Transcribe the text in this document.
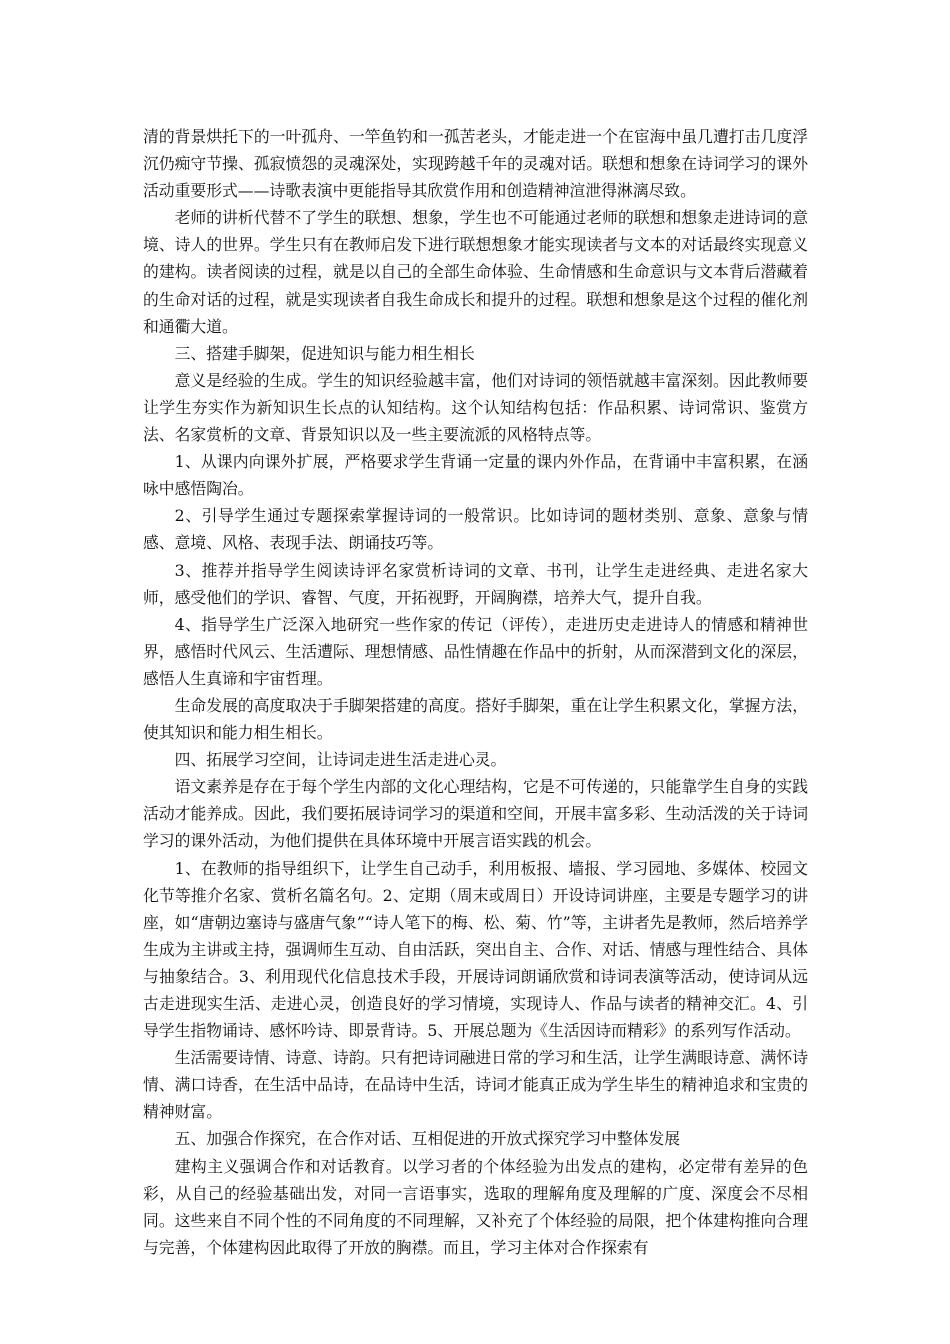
清的背景烘托下的一叶孤舟、一竿鱼钓和一孤苦老头，才能走进一个在宦海中虽几遭打击几度浮沉仍痴守节操、孤寂愤怨的灵魂深处，实现跨越千年的灵魂对话。联想和想象在诗词学习的课外活动重要形式——诗歌表演中更能指导其欣赏作用和创造精神渲泄得淋漓尽致。

老师的讲析代替不了学生的联想、想象，学生也不可能通过老师的联想和想象走进诗词的意境、诗人的世界。学生只有在教师启发下进行联想想象才能实现读者与文本的对话最终实现意义的建构。读者阅读的过程，就是以自己的全部生命体验、生命情感和生命意识与文本背后潜藏着的生命对话的过程，就是实现读者自我生命成长和提升的过程。联想和想象是这个过程的催化剂和通衢大道。

三、搭建手脚架，促进知识与能力相生相长

意义是经验的生成。学生的知识经验越丰富，他们对诗词的领悟就越丰富深刻。因此教师要让学生夯实作为新知识生长点的认知结构。这个认知结构包括：作品积累、诗词常识、鉴赏方法、名家赏析的文章、背景知识以及一些主要流派的风格特点等。

1、从课内向课外扩展，严格要求学生背诵一定量的课内外作品，在背诵中丰富积累，在涵咏中感悟陶冶。

2、引导学生通过专题探索掌握诗词的一般常识。比如诗词的题材类别、意象、意象与情感、意境、风格、表现手法、朗诵技巧等。

3、推荐并指导学生阅读诗评名家赏析诗词的文章、书刊，让学生走进经典、走进名家大师，感受他们的学识、睿智、气度，开拓视野，开阔胸襟，培养大气，提升自我。

4、指导学生广泛深入地研究一些作家的传记（评传），走进历史走进诗人的情感和精神世界，感悟时代风云、生活遭际、理想情感、品性情趣在作品中的折射，从而深潜到文化的深层，感悟人生真谛和宇宙哲理。

生命发展的高度取决于手脚架搭建的高度。搭好手脚架，重在让学生积累文化，掌握方法，使其知识和能力相生相长。

四、拓展学习空间，让诗词走进生活走进心灵。

语文素养是存在于每个学生内部的文化心理结构，它是不可传递的，只能靠学生自身的实践活动才能养成。因此，我们要拓展诗词学习的渠道和空间，开展丰富多彩、生动活泼的关于诗词学习的课外活动，为他们提供在具体环境中开展言语实践的机会。

1、在教师的指导组织下，让学生自己动手，利用板报、墙报、学习园地、多媒体、校园文化节等推介名家、赏析名篇名句。2、定期（周末或周日）开设诗词讲座，主要是专题学习的讲座，如“唐朝边塞诗与盛唐气象”“诗人笔下的梅、松、菊、竹”等，主讲者先是教师，然后培养学生成为主讲或主持，强调师生互动、自由活跃，突出自主、合作、对话、情感与理性结合、具体与抽象结合。3、利用现代化信息技术手段，开展诗词朗诵欣赏和诗词表演等活动，使诗词从远古走进现实生活、走进心灵，创造良好的学习情境，实现诗人、作品与读者的精神交汇。4、引导学生指物诵诗、感怀吟诗、即景背诗。5、开展总题为《生活因诗而精彩》的系列写作活动。

生活需要诗情、诗意、诗韵。只有把诗词融进日常的学习和生活，让学生满眼诗意、满怀诗情、满口诗香，在生活中品诗，在品诗中生活，诗词才能真正成为学生毕生的精神追求和宝贵的精神财富。

五、加强合作探究，在合作对话、互相促进的开放式探究学习中整体发展

建构主义强调合作和对话教育。以学习者的个体经验为出发点的建构，必定带有差异的色彩，从自己的经验基础出发，对同一言语事实，选取的理解角度及理解的广度、深度会不尽相同。这些来自不同个性的不同角度的不同理解，又补充了个体经验的局限，把个体建构推向合理与完善，个体建构因此取得了开放的胸襟。而且，学习主体对合作探索有
